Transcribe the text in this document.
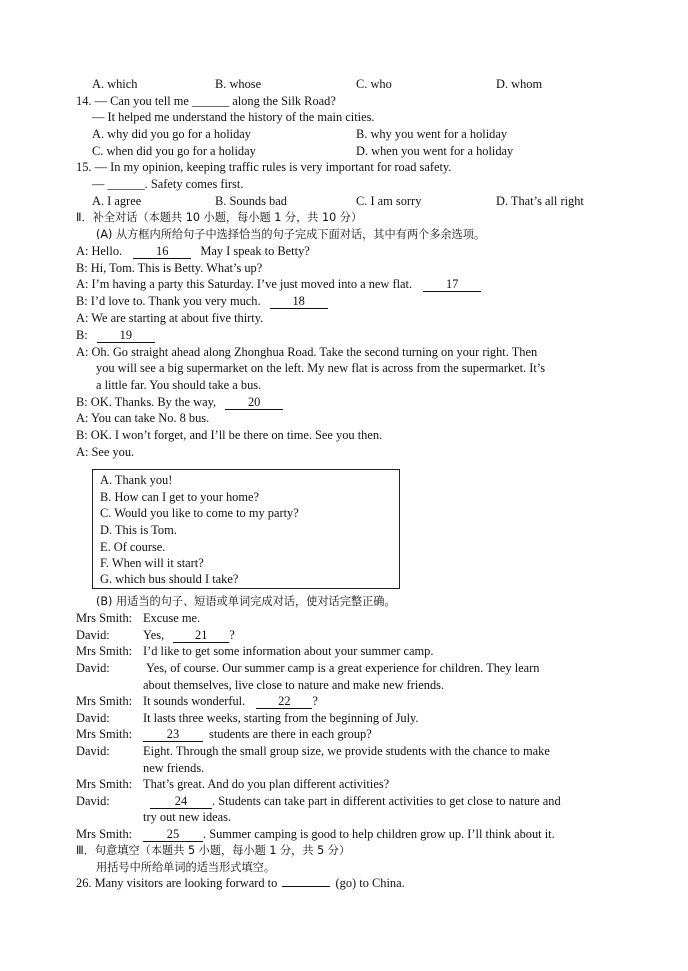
A. which	B. whose	C. who	D. whom
14. — Can you tell me ______ along the Silk Road?
— It helped me understand the history of the main cities.
A. why did you go for a holiday	B. why you went for a holiday
C. when did you go for a holiday	D. when you went for a holiday
15. — In my opinion, keeping traffic rules is very important for road safety.
— ______. Safety comes first.
A. I agree	B. Sounds bad	C. I am sorry	D. That’s all right
Ⅱ．补全对话（本题共 10 小题，每小题 1 分，共 10 分）
(A) 从方框内所给句子中选择恰当的句子完成下面对话，其中有两个多余选项。
A: Hello.	16	May I speak to Betty?
B: Hi, Tom. This is Betty. What’s up?
A: I’m having a party this Saturday. I’ve just moved into a new flat.	17
B: I’d love to. Thank you very much.	18
A: We are starting at about five thirty.
B:	19
A: Oh. Go straight ahead along Zhonghua Road. Take the second turning on your right. Then
you will see a big supermarket on the left. My new flat is across from the supermarket. It’s
a little far. You should take a bus.
B: OK. Thanks. By the way,	20
A: You can take No. 8 bus.
B: OK. I won’t forget, and I’ll be there on time. See you then.
A: See you.
A. Thank you!
B. How can I get to your home?
C. Would you like to come to my party?
D. This is Tom.
E. Of course.
F. When will it start?
G. which bus should I take?
(B) 用适当的句子、短语或单词完成对话，使对话完整正确。
Mrs Smith: Excuse me.
David:	Yes, 21 ?
Mrs Smith: I’d like to get some information about your summer camp.
David:	Yes, of course. Our summer camp is a great experience for children. They learn
about themselves, live close to nature and make new friends.
Mrs Smith: It sounds wonderful.	22 ?
David:	It lasts three weeks, starting from the beginning of July.
Mrs Smith:	23 students are there in each group?
David:	Eight. Through the small group size, we provide students with the chance to make
new friends.
Mrs Smith: That’s great. And do you plan different activities?
David:	24 . Students can take part in different activities to get close to nature and
try out new ideas.
Mrs Smith:	25 . Summer camping is good to help children grow up. I’ll think about it.
Ⅲ．句意填空（本题共 5 小题，每小题 1 分，共 5 分）
用括号中所给单词的适当形式填空。
26. Many visitors are looking forward to	(go) to China.
